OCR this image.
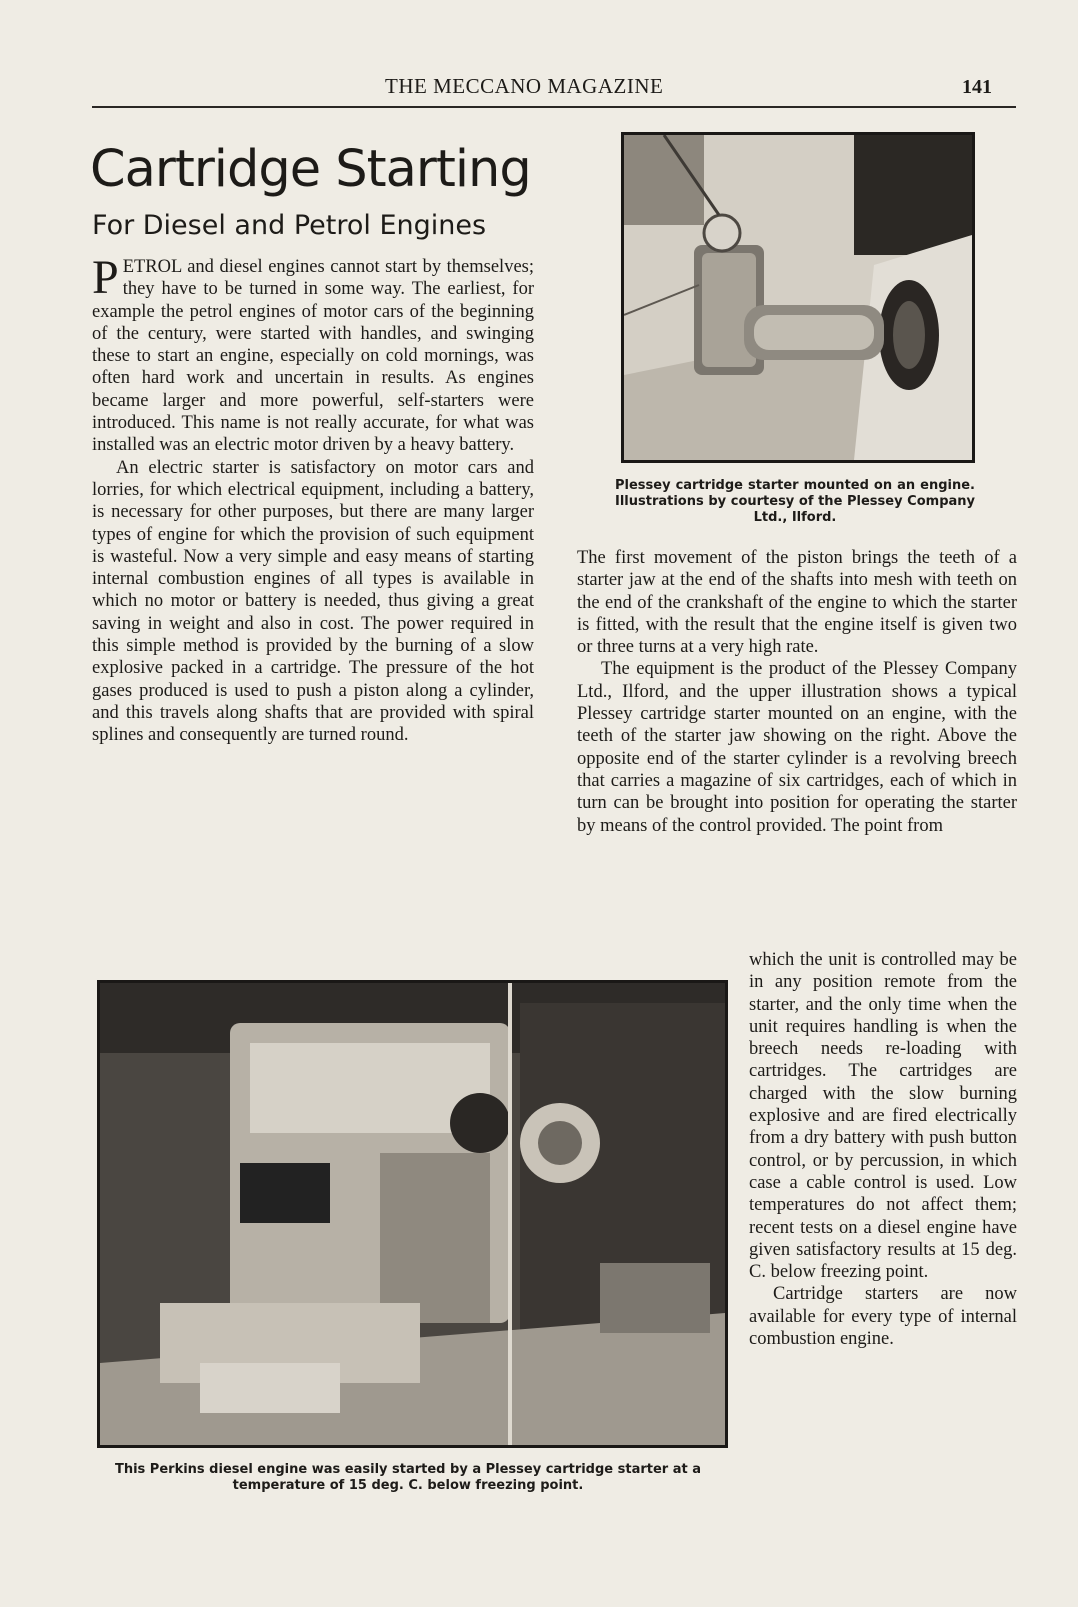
THE MECCANO MAGAZINE	141
Cartridge Starting
For Diesel and Petrol Engines

PETROL and diesel engines cannot start by themselves; they have to be turned in some way. The earliest, for example the petrol engines of motor cars of the beginning of the century, were started with handles, and swinging these to start an engine, especially on cold mornings, was often hard work and uncertain in results. As engines became larger and more powerful, self-starters were introduced. This name is not really accurate, for what was installed was an electric motor driven by a heavy battery.

An electric starter is satisfactory on motor cars and lorries, for which electrical equipment, including a battery, is necessary for other purposes, but there are many larger types of engine for which the provision of such equipment is wasteful. Now a very simple and easy means of starting internal combustion engines of all types is available in which no motor or battery is needed, thus giving a great saving in weight and also in cost. The power required in this simple method is provided by the burning of a slow explosive packed in a cartridge. The pressure of the hot gases produced is used to push a piston along a cylinder, and this travels along shafts that are provided with spiral splines and consequently are turned round.

Plessey cartridge starter mounted on an engine. Illustrations by courtesy of the Plessey Company Ltd., Ilford.

The first movement of the piston brings the teeth of a starter jaw at the end of the shafts into mesh with teeth on the end of the crankshaft of the engine to which the starter is fitted, with the result that the engine itself is given two or three turns at a very high rate.

The equipment is the product of the Plessey Company Ltd., Ilford, and the upper illustration shows a typical Plessey cartridge starter mounted on an engine, with the teeth of the starter jaw showing on the right. Above the opposite end of the starter cylinder is a revolving breech that carries a magazine of six cartridges, each of which in turn can be brought into position for operating the starter by means of the control provided. The point from

This Perkins diesel engine was easily started by a Plessey cartridge starter at a temperature of 15 deg. C. below freezing point.

which the unit is controlled may be in any position remote from the starter, and the only time when the unit requires handling is when the breech needs re-loading with cartridges. The cartridges are charged with the slow burning explosive and are fired electrically from a dry battery with push button control, or by percussion, in which case a cable control is used. Low temperatures do not affect them; recent tests on a diesel engine have given satisfactory results at 15 deg. C. below freezing point.

Cartridge starters are now available for every type of internal combustion engine.
